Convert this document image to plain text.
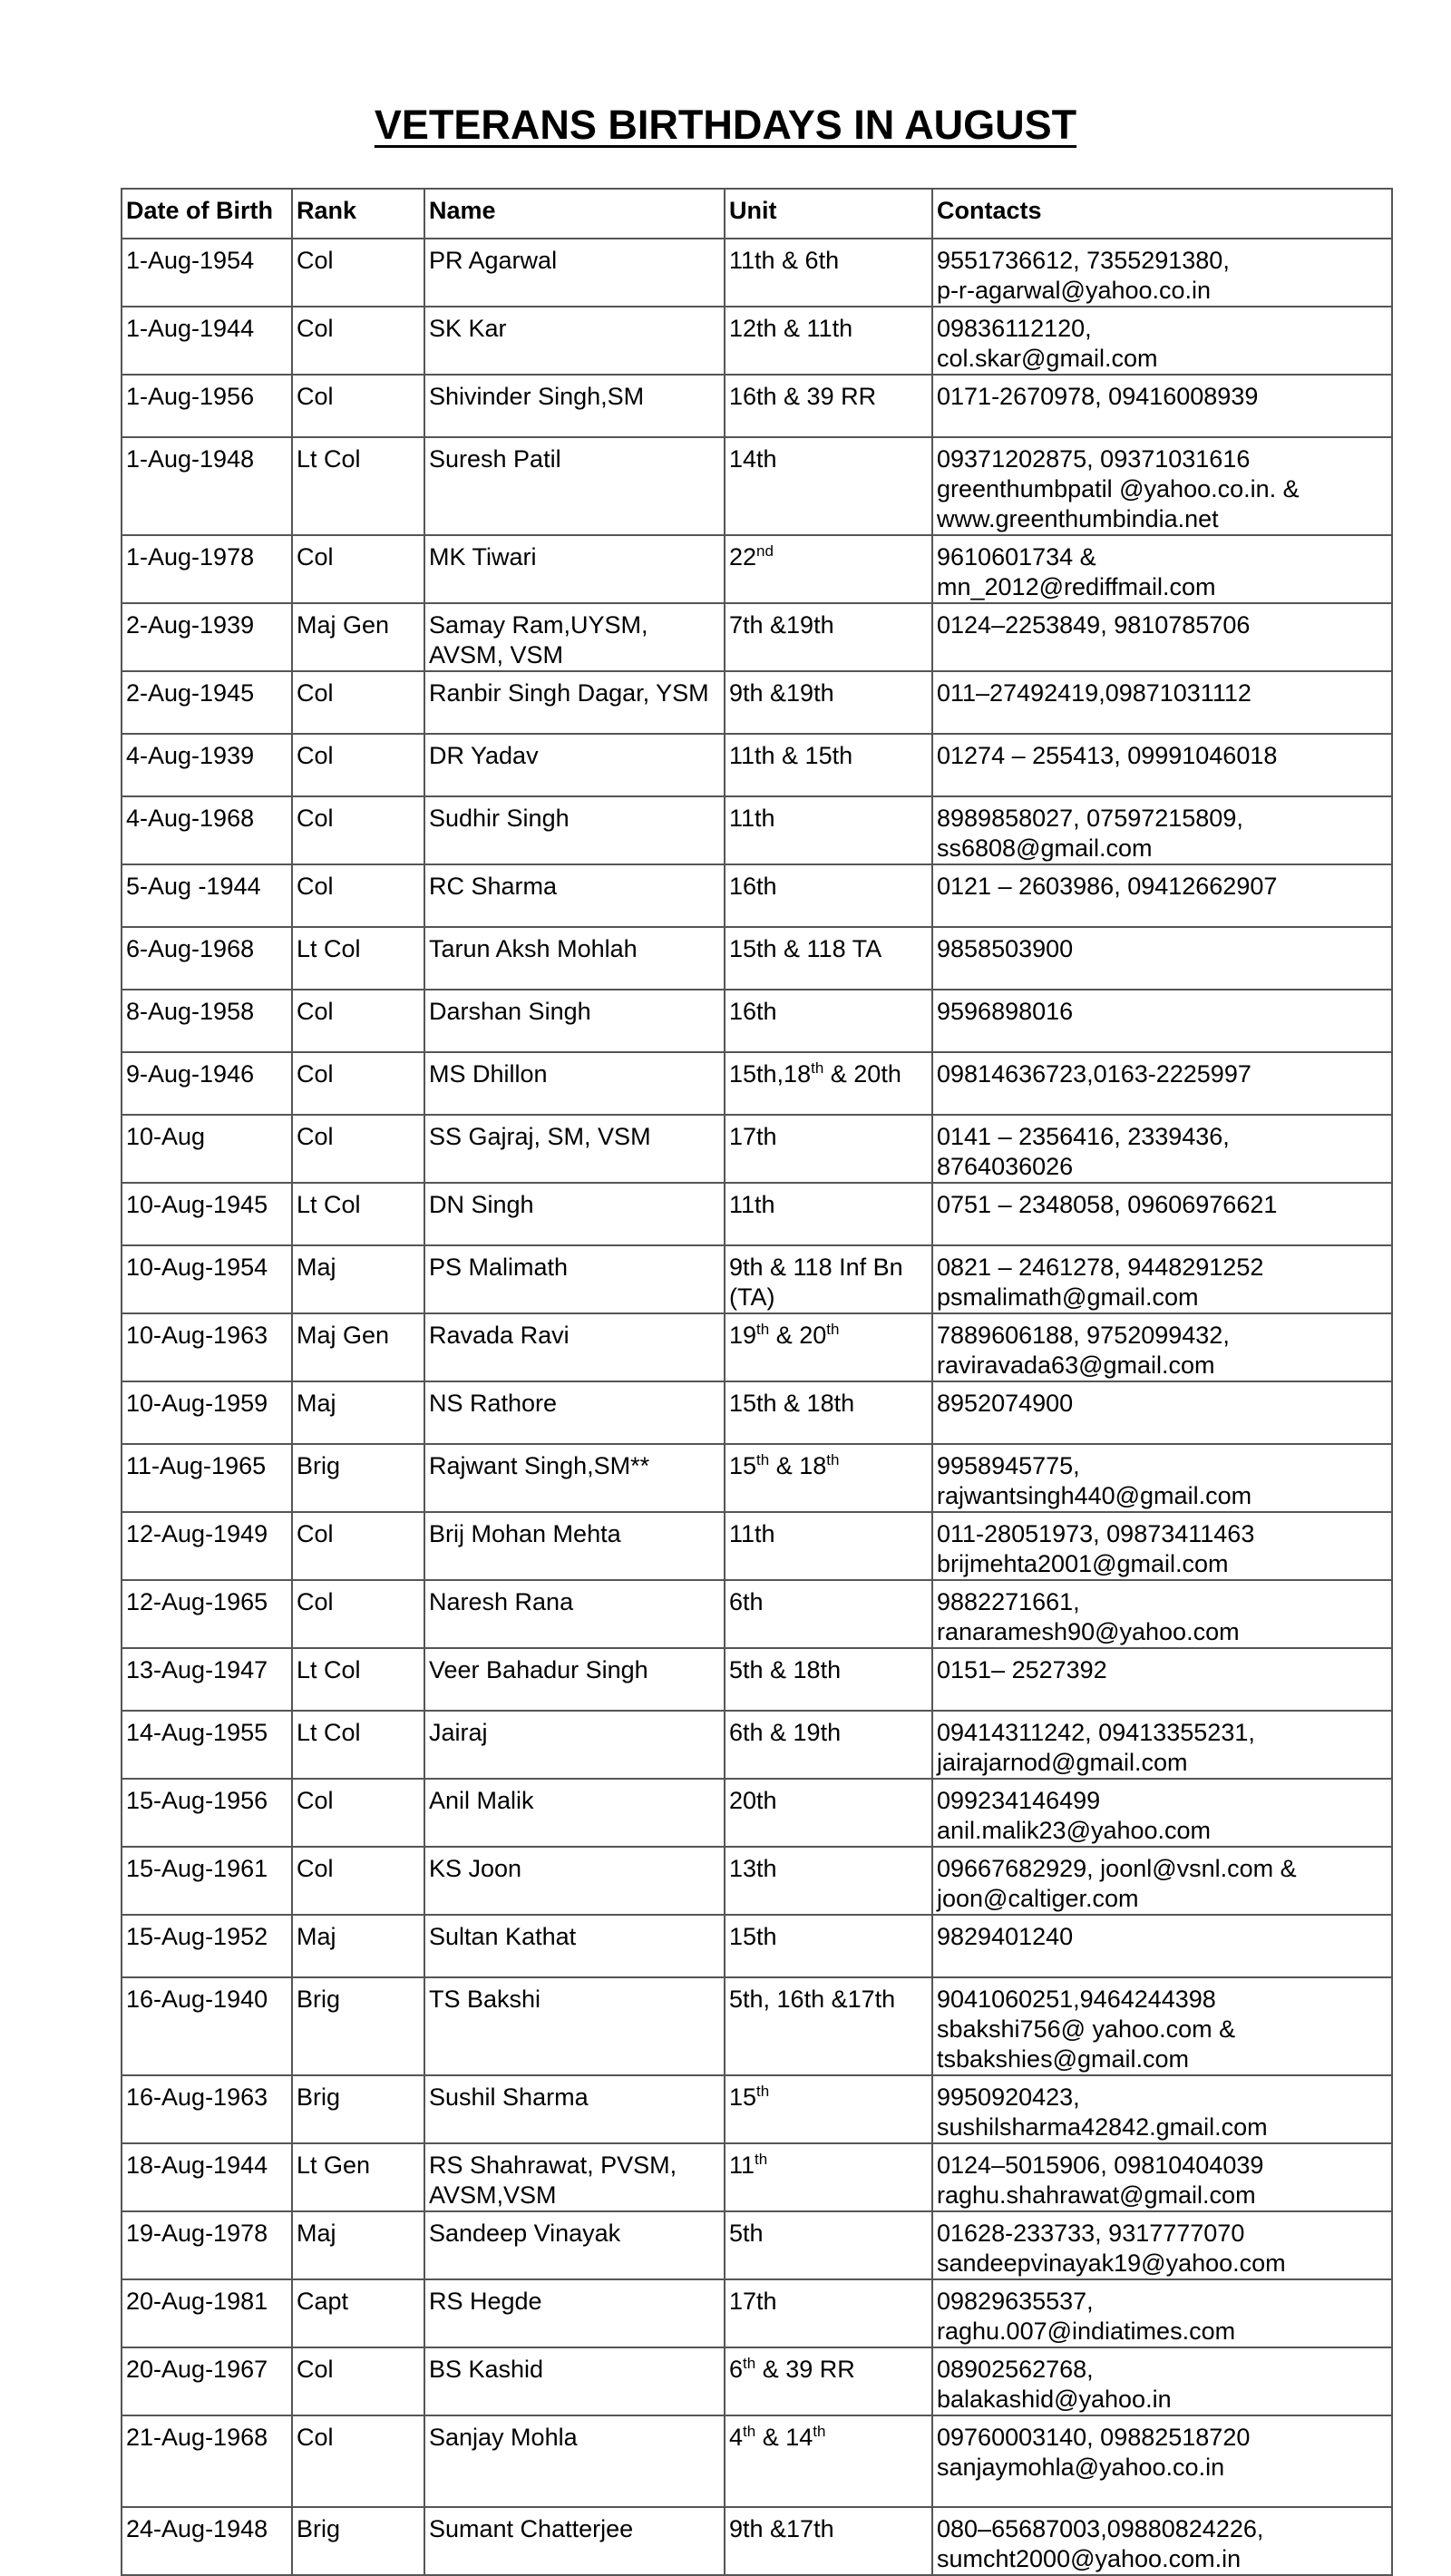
VETERANS BIRTHDAYS IN AUGUST
Date of Birth	Rank	Name	Unit	Contacts
1-Aug-1954	Col	PR Agarwal	11th & 6th	9551736612, 7355291380,
p-r-agarwal@yahoo.co.in

1-Aug-1944	Col	SK Kar	12th & 11th	09836112120,
col.skar@gmail.com

1-Aug-1956	Col	Shivinder Singh,SM	16th & 39 RR	0171-2670978, 09416008939

1-Aug-1948	Lt Col	Suresh Patil	14th	09371202875, 09371031616
greenthumbpatil @yahoo.co.in. &
www.greenthumbindia.net

1-Aug-1978	Col	MK Tiwari	22nd	9610601734 &
mn_2012@rediffmail.com

2-Aug-1939	Maj Gen	Samay Ram,UYSM, AVSM, VSM	7th &19th	0124–2253849, 9810785706

2-Aug-1945	Col	Ranbir Singh Dagar, YSM	9th &19th	011–27492419,09871031112

4-Aug-1939	Col	DR Yadav	11th & 15th	01274 – 255413, 09991046018

4-Aug-1968	Col	Sudhir Singh	11th	8989858027, 07597215809,
ss6808@gmail.com

5-Aug -1944	Col	RC Sharma	16th	0121 – 2603986, 09412662907

6-Aug-1968	Lt Col	Tarun Aksh Mohlah	15th & 118 TA	9858503900

8-Aug-1958	Col	Darshan Singh	16th	9596898016

9-Aug-1946	Col	MS Dhillon	15th,18th & 20th	09814636723,0163-2225997

10-Aug	Col	SS Gajraj, SM, VSM	17th	0141 – 2356416, 2339436,
8764036026

10-Aug-1945	Lt Col	DN Singh	11th	0751 – 2348058, 09606976621

10-Aug-1954	Maj	PS Malimath	9th & 118 Inf Bn (TA)	0821 – 2461278, 9448291252
psmalimath@gmail.com

10-Aug-1963	Maj Gen	Ravada Ravi	19th & 20th	7889606188, 9752099432,
raviravada63@gmail.com

10-Aug-1959	Maj	NS Rathore	15th & 18th	8952074900

11-Aug-1965	Brig	Rajwant Singh,SM**	15th & 18th	9958945775,
rajwantsingh440@gmail.com

12-Aug-1949	Col	Brij Mohan Mehta	11th	011-28051973, 09873411463
brijmehta2001@gmail.com

12-Aug-1965	Col	Naresh Rana	6th	9882271661,
ranaramesh90@yahoo.com

13-Aug-1947	Lt Col	Veer Bahadur Singh	5th & 18th	0151– 2527392

14-Aug-1955	Lt Col	Jairaj	6th & 19th	09414311242, 09413355231,
jairajarnod@gmail.com

15-Aug-1956	Col	Anil Malik	20th	099234146499
anil.malik23@yahoo.com

15-Aug-1961	Col	KS Joon	13th	09667682929, joonl@vsnl.com &
joon@caltiger.com

15-Aug-1952	Maj	Sultan Kathat	15th	9829401240

16-Aug-1940	Brig	TS Bakshi	5th, 16th &17th	9041060251,9464244398
sbakshi756@ yahoo.com &
tsbakshies@gmail.com

16-Aug-1963	Brig	Sushil Sharma	15th	9950920423,
sushilsharma42842.gmail.com

18-Aug-1944	Lt Gen	RS Shahrawat, PVSM, AVSM,VSM	11th	0124–5015906, 09810404039
raghu.shahrawat@gmail.com

19-Aug-1978	Maj	Sandeep Vinayak	5th	01628-233733, 9317777070
sandeepvinayak19@yahoo.com

20-Aug-1981	Capt	RS Hegde	17th	09829635537,
raghu.007@indiatimes.com

20-Aug-1967	Col	BS Kashid	6th & 39 RR	08902562768,
balakashid@yahoo.in

21-Aug-1968	Col	Sanjay Mohla	4th & 14th	09760003140, 09882518720
sanjaymohla@yahoo.co.in

24-Aug-1948	Brig	Sumant Chatterjee	9th &17th	080–65687003,09880824226,
sumcht2000@yahoo.com.in
